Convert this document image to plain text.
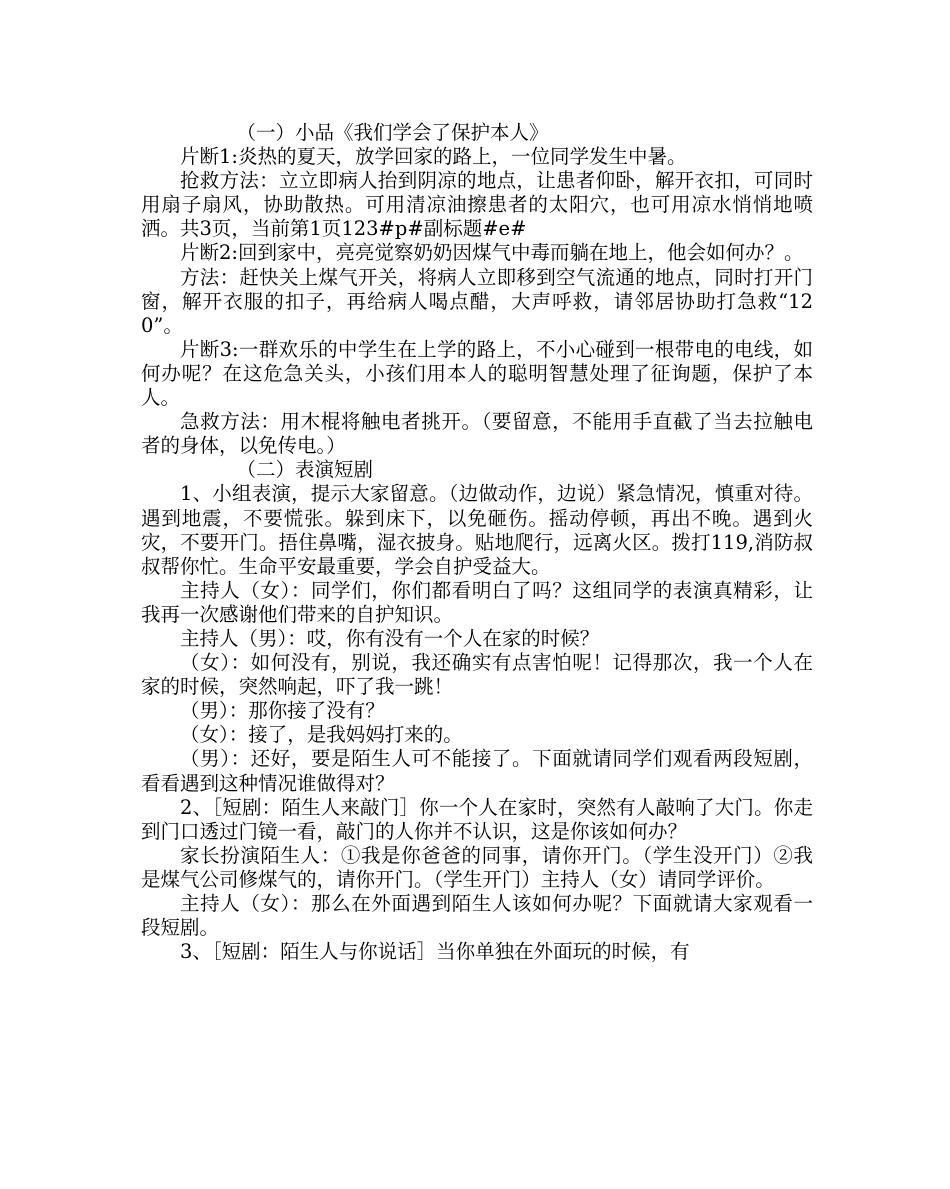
（一）小品《我们学会了保护本人》

片断1:炎热的夏天，放学回家的路上，一位同学发生中暑。

抢救方法：立立即病人抬到阴凉的地点，让患者仰卧，解开衣扣，可同时用扇子扇风，协助散热。可用清凉油擦患者的太阳穴，也可用凉水悄悄地喷洒。共3页，当前第1页123#p#副标题#e#

片断2:回到家中，亮亮觉察奶奶因煤气中毒而躺在地上，他会如何办？。

方法：赶快关上煤气开关，将病人立即移到空气流通的地点，同时打开门窗，解开衣服的扣子，再给病人喝点醋，大声呼救，请邻居协助打急救“120”。

片断3:一群欢乐的中学生在上学的路上，不小心碰到一根带电的电线，如何办呢？在这危急关头，小孩们用本人的聪明智慧处理了征询题，保护了本人。

急救方法：用木棍将触电者挑开。（要留意，不能用手直截了当去拉触电者的身体，以免传电。）

（二）表演短剧

1、小组表演，提示大家留意。（边做动作，边说）紧急情况，慎重对待。遇到地震，不要慌张。躲到床下，以免砸伤。摇动停顿，再出不晚。遇到火灾，不要开门。捂住鼻嘴，湿衣披身。贴地爬行，远离火区。拨打119,消防叔叔帮你忙。生命平安最重要，学会自护受益大。

主持人（女）：同学们，你们都看明白了吗？这组同学的表演真精彩，让我再一次感谢他们带来的自护知识。

主持人（男）：哎，你有没有一个人在家的时候？

（女）：如何没有，别说，我还确实有点害怕呢！记得那次，我一个人在家的时候，突然响起，吓了我一跳！

（男）：那你接了没有？

（女）：接了，是我妈妈打来的。

（男）：还好，要是陌生人可不能接了。下面就请同学们观看两段短剧，看看遇到这种情况谁做得对？

2、［短剧：陌生人来敲门］你一个人在家时，突然有人敲响了大门。你走到门口透过门镜一看，敲门的人你并不认识，这是你该如何办？

家长扮演陌生人：①我是你爸爸的同事，请你开门。（学生没开门）②我是煤气公司修煤气的，请你开门。（学生开门）主持人（女）请同学评价。

主持人（女）：那么在外面遇到陌生人该如何办呢？下面就请大家观看一段短剧。

3、［短剧：陌生人与你说话］当你单独在外面玩的时候，有
